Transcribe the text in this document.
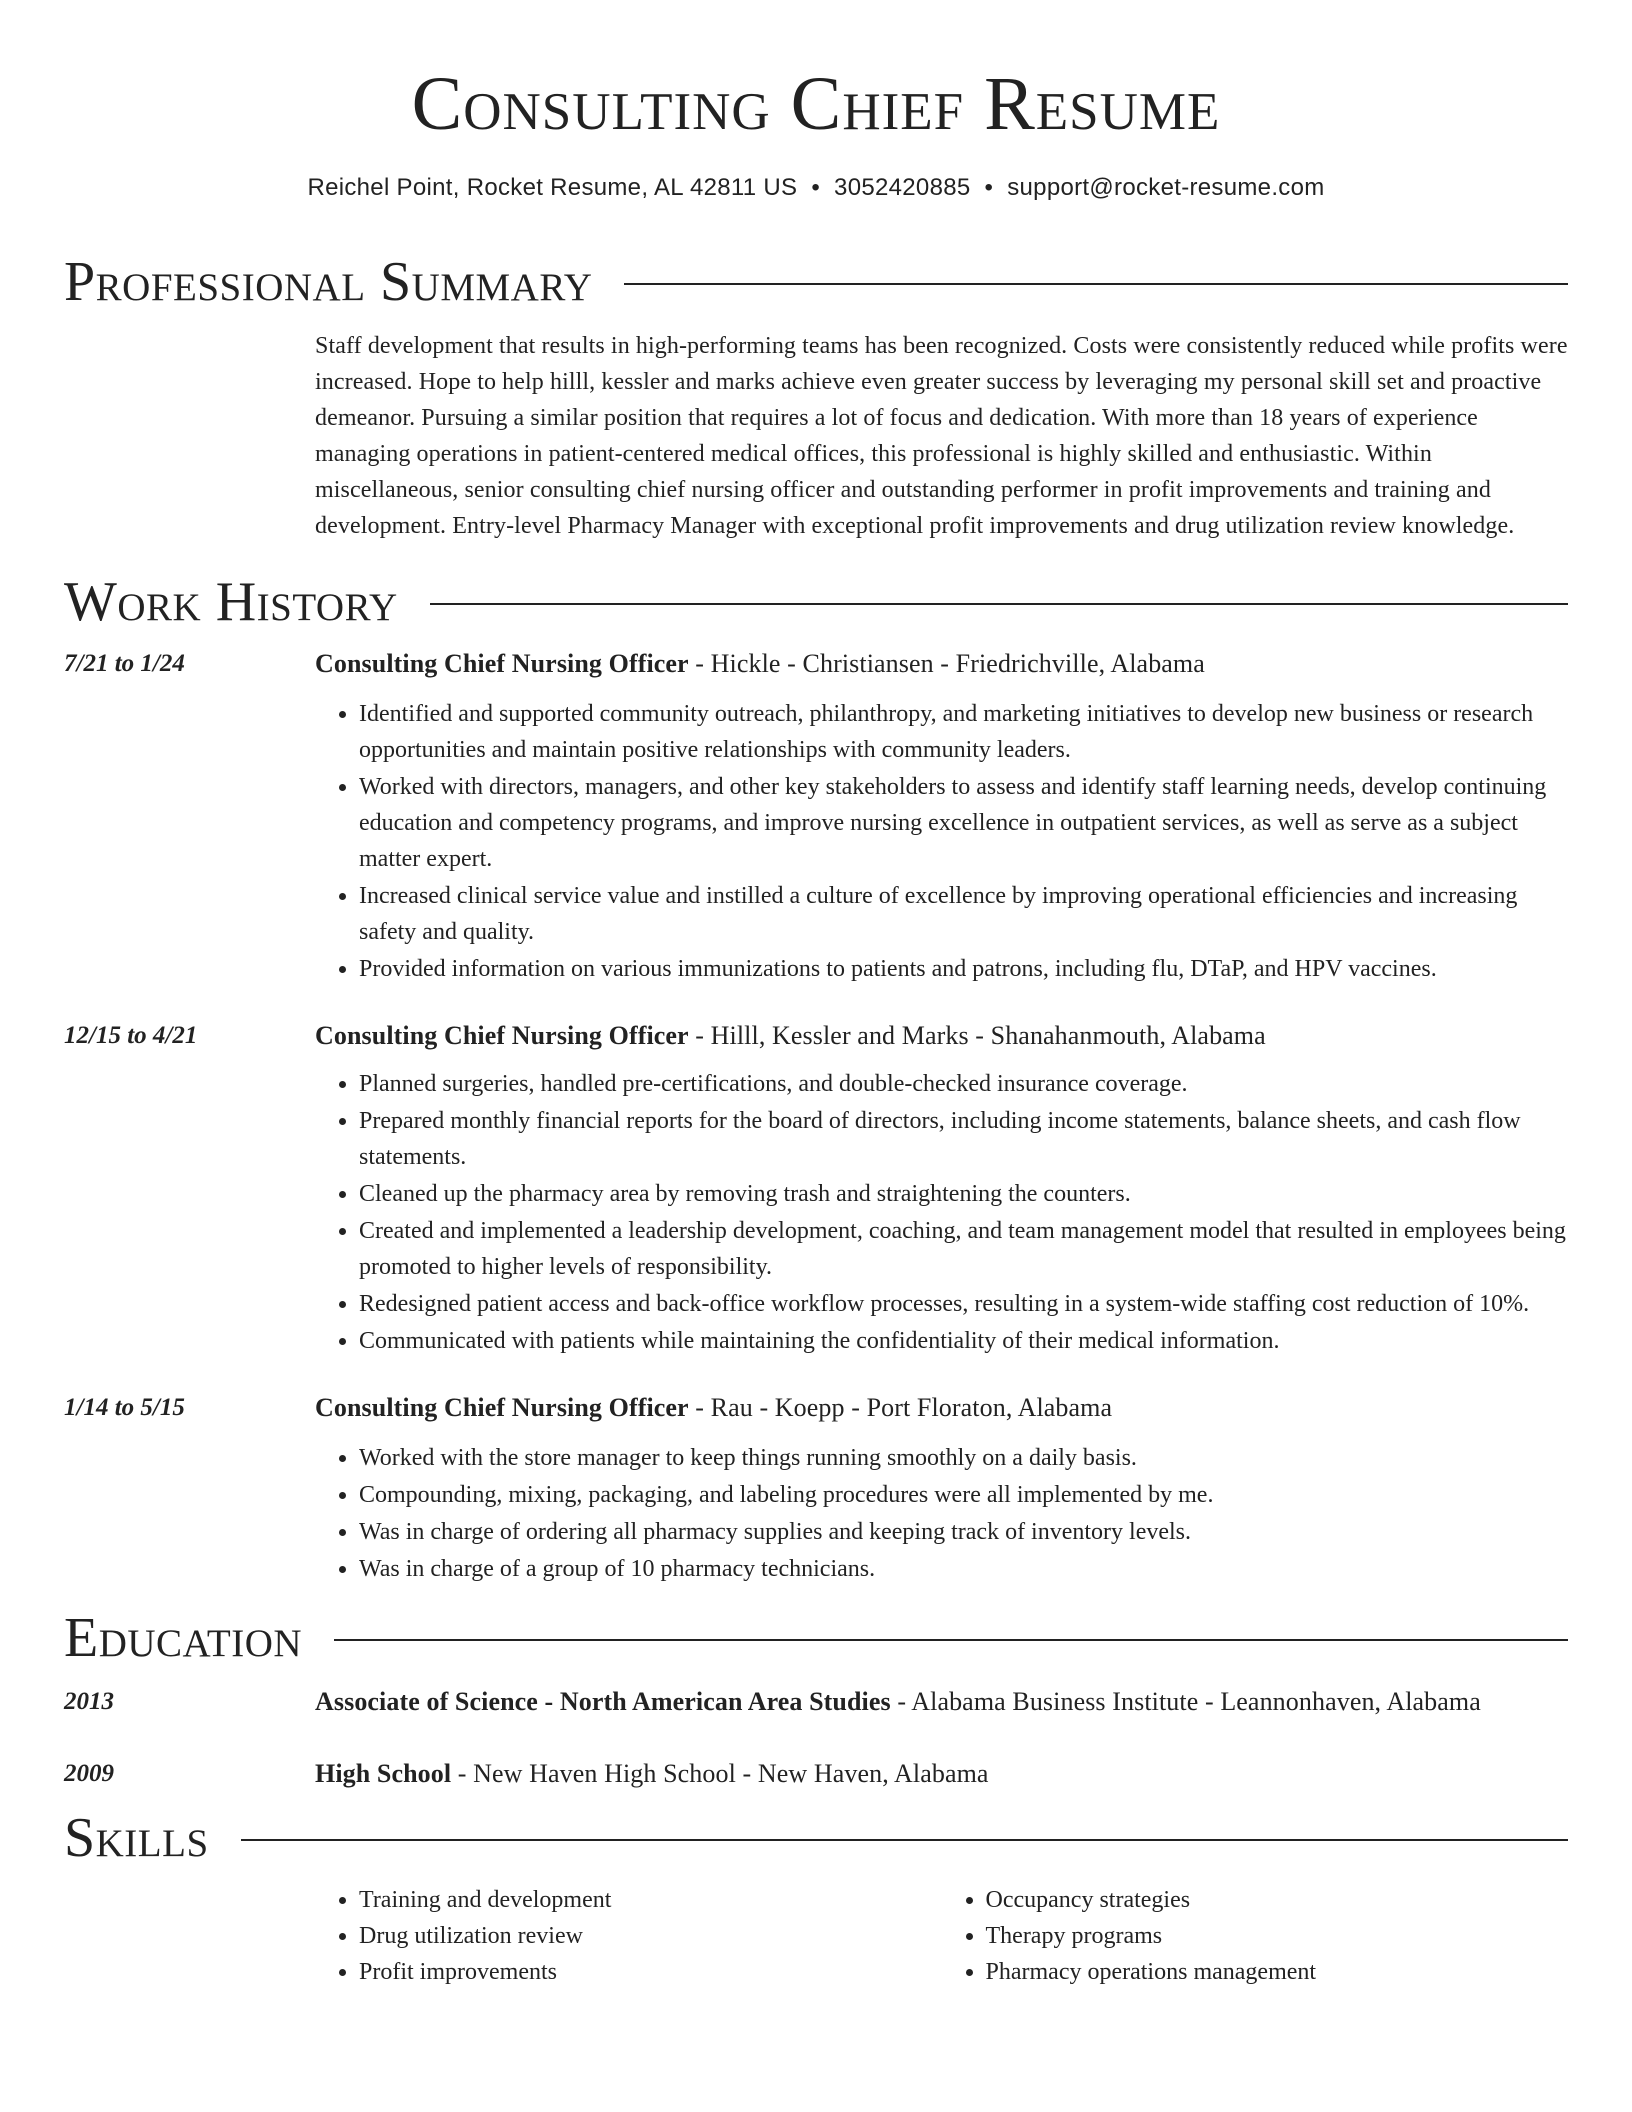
Consulting Chief Resume
Reichel Point, Rocket Resume, AL 42811 US • 3052420885 • support@rocket-resume.com
Professional Summary
Staff development that results in high-performing teams has been recognized. Costs were consistently reduced while profits were increased. Hope to help hilll, kessler and marks achieve even greater success by leveraging my personal skill set and proactive demeanor. Pursuing a similar position that requires a lot of focus and dedication. With more than 18 years of experience managing operations in patient-centered medical offices, this professional is highly skilled and enthusiastic. Within miscellaneous, senior consulting chief nursing officer and outstanding performer in profit improvements and training and development. Entry-level Pharmacy Manager with exceptional profit improvements and drug utilization review knowledge.
Work History
7/21 to 1/24	Consulting Chief Nursing Officer - Hickle - Christiansen - Friedrichville, Alabama
• Identified and supported community outreach, philanthropy, and marketing initiatives to develop new business or research opportunities and maintain positive relationships with community leaders.
• Worked with directors, managers, and other key stakeholders to assess and identify staff learning needs, develop continuing education and competency programs, and improve nursing excellence in outpatient services, as well as serve as a subject matter expert.
• Increased clinical service value and instilled a culture of excellence by improving operational efficiencies and increasing safety and quality.
• Provided information on various immunizations to patients and patrons, including flu, DTaP, and HPV vaccines.
12/15 to 4/21	Consulting Chief Nursing Officer - Hilll, Kessler and Marks - Shanahanmouth, Alabama
• Planned surgeries, handled pre-certifications, and double-checked insurance coverage.
• Prepared monthly financial reports for the board of directors, including income statements, balance sheets, and cash flow statements.
• Cleaned up the pharmacy area by removing trash and straightening the counters.
• Created and implemented a leadership development, coaching, and team management model that resulted in employees being promoted to higher levels of responsibility.
• Redesigned patient access and back-office workflow processes, resulting in a system-wide staffing cost reduction of 10%.
• Communicated with patients while maintaining the confidentiality of their medical information.
1/14 to 5/15	Consulting Chief Nursing Officer - Rau - Koepp - Port Floraton, Alabama
• Worked with the store manager to keep things running smoothly on a daily basis.
• Compounding, mixing, packaging, and labeling procedures were all implemented by me.
• Was in charge of ordering all pharmacy supplies and keeping track of inventory levels.
• Was in charge of a group of 10 pharmacy technicians.
Education
2013	Associate of Science - North American Area Studies - Alabama Business Institute - Leannonhaven, Alabama
2009	High School - New Haven High School - New Haven, Alabama
Skills
• Training and development
• Drug utilization review
• Profit improvements
• Occupancy strategies
• Therapy programs
• Pharmacy operations management
